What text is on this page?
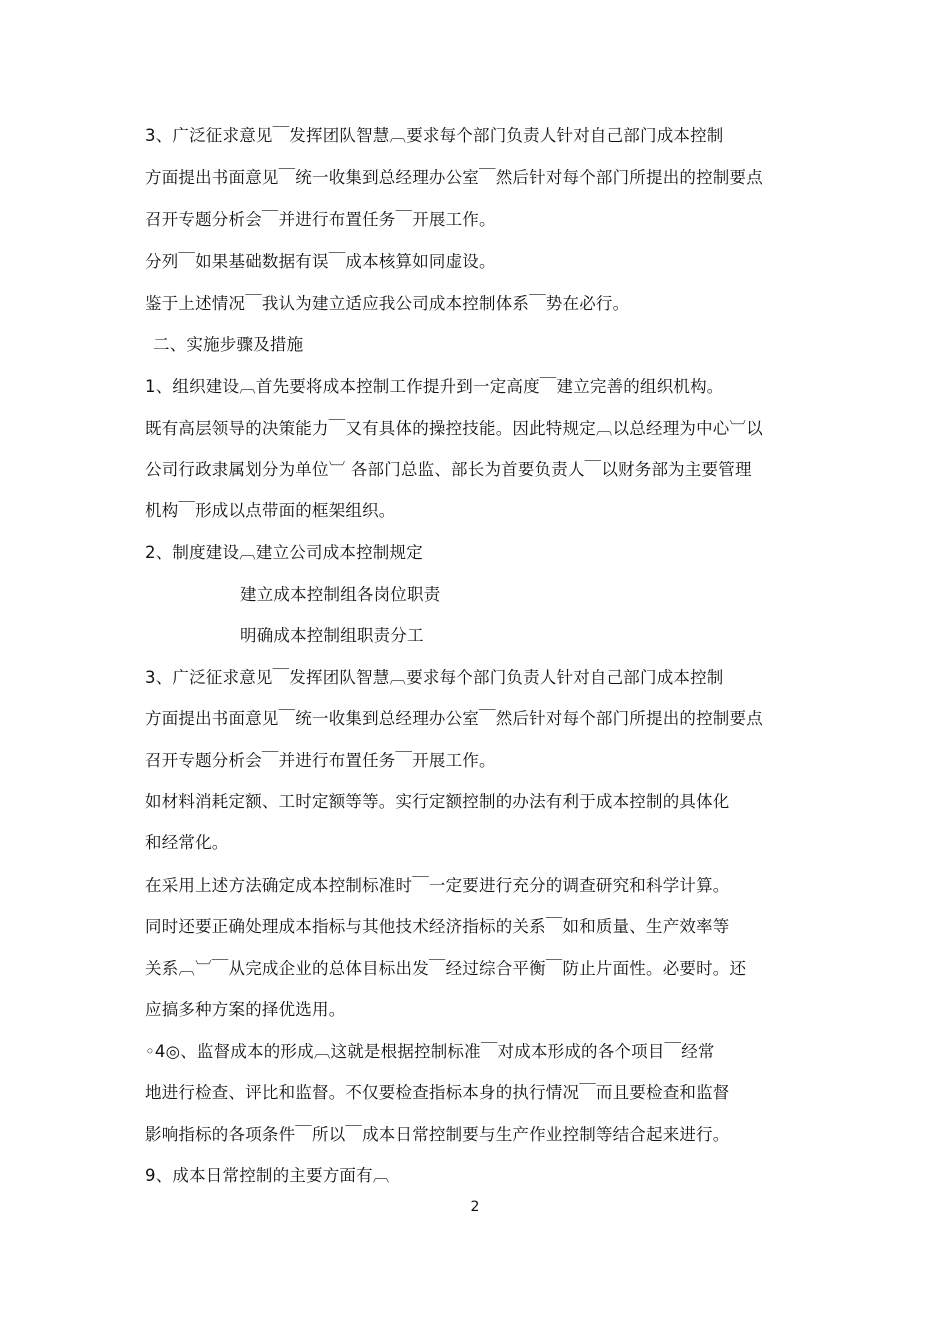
3、广泛征求意见￣发挥团队智慧︹要求每个部门负责人针对自己部门成本控制
方面提出书面意见￣统一收集到总经理办公室￣然后针对每个部门所提出的控制要点
召开专题分析会￣并进行布置任务￣开展工作。
分列￣如果基础数据有误￣成本核算如同虚设。
鉴于上述情况￣我认为建立适应我公司成本控制体系￣势在必行。
二、实施步骤及措施
1、组织建设︹首先要将成本控制工作提升到一定高度￣建立完善的组织机构。
既有高层领导的决策能力￣又有具体的操控技能。因此特规定︹以总经理为中心︺以
公司行政隶属划分为单位︺ 各部门总监、部长为首要负责人￣以财务部为主要管理
机构￣形成以点带面的框架组织。
2、制度建设︹建立公司成本控制规定
建立成本控制组各岗位职责
明确成本控制组职责分工
3、广泛征求意见￣发挥团队智慧︹要求每个部门负责人针对自己部门成本控制
方面提出书面意见￣统一收集到总经理办公室￣然后针对每个部门所提出的控制要点
召开专题分析会￣并进行布置任务￣开展工作。
如材料消耗定额、工时定额等等。实行定额控制的办法有利于成本控制的具体化
和经常化。
在采用上述方法确定成本控制标准时￣一定要进行充分的调查研究和科学计算。
同时还要正确处理成本指标与其他技术经济指标的关系￣如和质量、生产效率等
关系︹︺￣从完成企业的总体目标出发￣经过综合平衡￣防止片面性。必要时。还
应搞多种方案的择优选用。
◦4◎、监督成本的形成︹这就是根据控制标准￣对成本形成的各个项目￣经常
地进行检查、评比和监督。不仅要检查指标本身的执行情况￣而且要检查和监督
影响指标的各项条件￣所以￣成本日常控制要与生产作业控制等结合起来进行。
9、成本日常控制的主要方面有︹
2
